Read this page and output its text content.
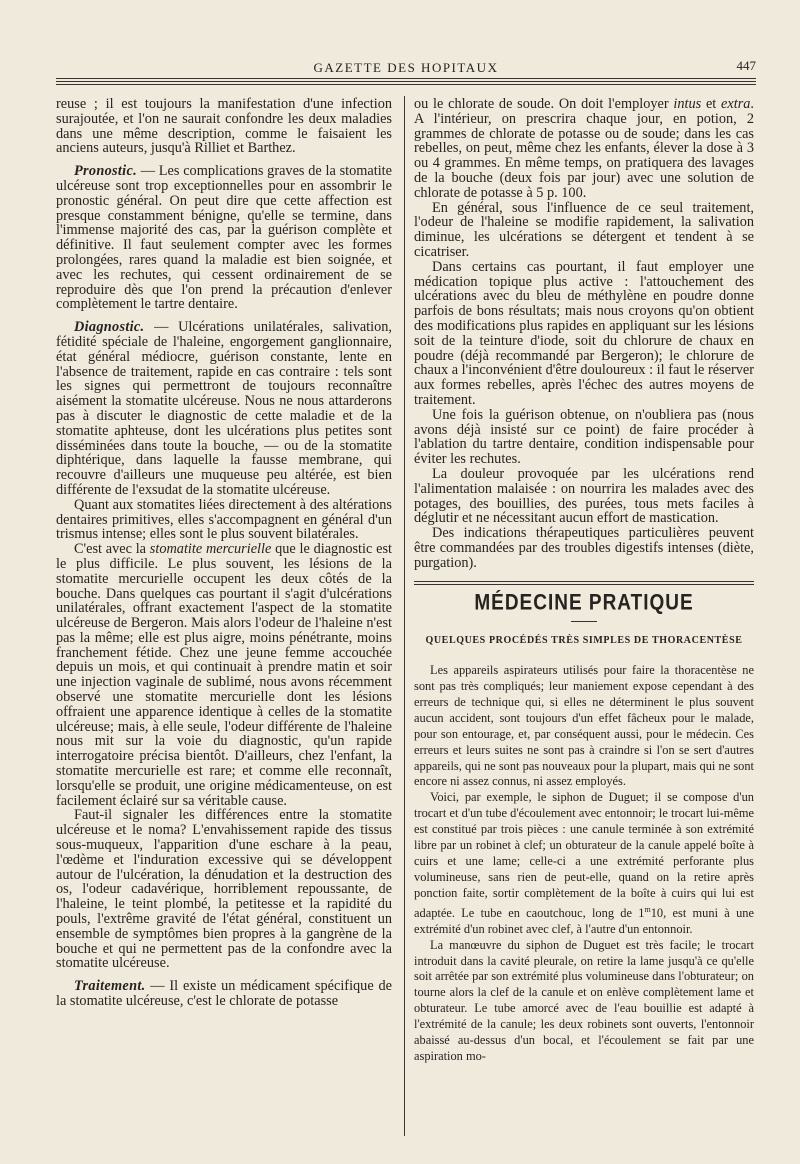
GAZETTE DES HOPITAUX	447

reuse ; il est toujours la manifestation d'une infection surajoutée, et l'on ne saurait confondre les deux maladies dans une même description, comme le faisaient les anciens auteurs, jusqu'à Rilliet et Barthez.

Pronostic. — Les complications graves de la stomatite ulcéreuse sont trop exceptionnelles pour en assombrir le pronostic général. On peut dire que cette affection est presque constamment bénigne, qu'elle se termine, dans l'immense majorité des cas, par la guérison complète et définitive. Il faut seulement compter avec les formes prolongées, rares quand la maladie est bien soignée, et avec les rechutes, qui cessent ordinairement de se reproduire dès que l'on prend la précaution d'enlever complètement le tartre dentaire.

Diagnostic. — Ulcérations unilatérales, salivation, fétidité spéciale de l'haleine, engorgement ganglionnaire, état général médiocre, guérison constante, lente en l'absence de traitement, rapide en cas contraire : tels sont les signes qui permettront de toujours reconnaître aisément la stomatite ulcéreuse. Nous ne nous attarderons pas à discuter le diagnostic de cette maladie et de la stomatite aphteuse, dont les ulcérations plus petites sont disséminées dans toute la bouche, — ou de la stomatite diphtérique, dans laquelle la fausse membrane, qui recouvre d'ailleurs une muqueuse peu altérée, est bien différente de l'exsudat de la stomatite ulcéreuse.

Quant aux stomatites liées directement à des altérations dentaires primitives, elles s'accompagnent en général d'un trismus intense; elles sont le plus souvent bilatérales.

C'est avec la stomatite mercurielle que le diagnostic est le plus difficile. Le plus souvent, les lésions de la stomatite mercurielle occupent les deux côtés de la bouche. Dans quelques cas pourtant il s'agit d'ulcérations unilatérales, offrant exactement l'aspect de la stomatite ulcéreuse de Bergeron. Mais alors l'odeur de l'haleine n'est pas la même; elle est plus aigre, moins pénétrante, moins franchement fétide. Chez une jeune femme accouchée depuis un mois, et qui continuait à prendre matin et soir une injection vaginale de sublimé, nous avons récemment observé une stomatite mercurielle dont les lésions offraient une apparence identique à celles de la stomatite ulcéreuse; mais, à elle seule, l'odeur différente de l'haleine nous mit sur la voie du diagnostic, qu'un rapide interrogatoire précisa bientôt. D'ailleurs, chez l'enfant, la stomatite mercurielle est rare; et comme elle reconnaît, lorsqu'elle se produit, une origine médicamenteuse, on est facilement éclairé sur sa véritable cause.

Faut-il signaler les différences entre la stomatite ulcéreuse et le noma? L'envahissement rapide des tissus sous-muqueux, l'apparition d'une eschare à la peau, l'œdème et l'induration excessive qui se développent autour de l'ulcération, la dénudation et la destruction des os, l'odeur cadavérique, horriblement repoussante, de l'haleine, le teint plombé, la petitesse et la rapidité du pouls, l'extrême gravité de l'état général, constituent un ensemble de symptômes bien propres à la gangrène de la bouche et qui ne permettent pas de la confondre avec la stomatite ulcéreuse.

Traitement. — Il existe un médicament spécifique de la stomatite ulcéreuse, c'est le chlorate de potasse

ou le chlorate de soude. On doit l'employer intus et extra. A l'intérieur, on prescrira chaque jour, en potion, 2 grammes de chlorate de potasse ou de soude; dans les cas rebelles, on peut, même chez les enfants, élever la dose à 3 ou 4 grammes. En même temps, on pratiquera des lavages de la bouche (deux fois par jour) avec une solution de chlorate de potasse à 5 p. 100.

En général, sous l'influence de ce seul traitement, l'odeur de l'haleine se modifie rapidement, la salivation diminue, les ulcérations se détergent et tendent à se cicatriser.

Dans certains cas pourtant, il faut employer une médication topique plus active : l'attouchement des ulcérations avec du bleu de méthylène en poudre donne parfois de bons résultats; mais nous croyons qu'on obtient des modifications plus rapides en appliquant sur les lésions soit de la teinture d'iode, soit du chlorure de chaux en poudre (déjà recommandé par Bergeron); le chlorure de chaux a l'inconvénient d'être douloureux : il faut le réserver aux formes rebelles, après l'échec des autres moyens de traitement.

Une fois la guérison obtenue, on n'oubliera pas (nous avons déjà insisté sur ce point) de faire procéder à l'ablation du tartre dentaire, condition indispensable pour éviter les rechutes.

La douleur provoquée par les ulcérations rend l'alimentation malaisée : on nourrira les malades avec des potages, des bouillies, des purées, tous mets faciles à déglutir et ne nécessitant aucun effort de mastication.

Des indications thérapeutiques particulières peuvent être commandées par des troubles digestifs intenses (diète, purgation).

MÉDECINE PRATIQUE
QUELQUES PROCÉDÉS TRÈS SIMPLES DE THORACENTÈSE

Les appareils aspirateurs utilisés pour faire la thoracentèse ne sont pas très compliqués; leur maniement expose cependant à des erreurs de technique qui, si elles ne déterminent le plus souvent aucun accident, sont toujours d'un effet fâcheux pour le malade, pour son entourage, et, par conséquent aussi, pour le médecin. Ces erreurs et leurs suites ne sont pas à craindre si l'on se sert d'autres appareils, qui ne sont pas nouveaux pour la plupart, mais qui ne sont encore ni assez connus, ni assez employés.

Voici, par exemple, le siphon de Duguet; il se compose d'un trocart et d'un tube d'écoulement avec entonnoir; le trocart lui-même est constitué par trois pièces : une canule terminée à son extrémité libre par un robinet à clef; un obturateur de la canule appelé boîte à cuirs et une lame; celle-ci a une extrémité perforante plus volumineuse, sans rien de peut-elle, quand on la retire après ponction faite, sortir complètement de la boîte à cuirs qui lui est adaptée. Le tube en caoutchouc, long de 1$^m$10, est muni à une extrémité d'un robinet avec clef, à l'autre d'un entonnoir.

La manœuvre du siphon de Duguet est très facile; le trocart introduit dans la cavité pleurale, on retire la lame jusqu'à ce qu'elle soit arrêtée par son extrémité plus volumineuse dans l'obturateur; on tourne alors la clef de la canule et on enlève complètement lame et obturateur. Le tube amorcé avec de l'eau bouillie est adapté à l'extrémité de la canule; les deux robinets sont ouverts, l'entonnoir abaissé au-dessus d'un bocal, et l'écoulement se fait par une aspiration mo-
